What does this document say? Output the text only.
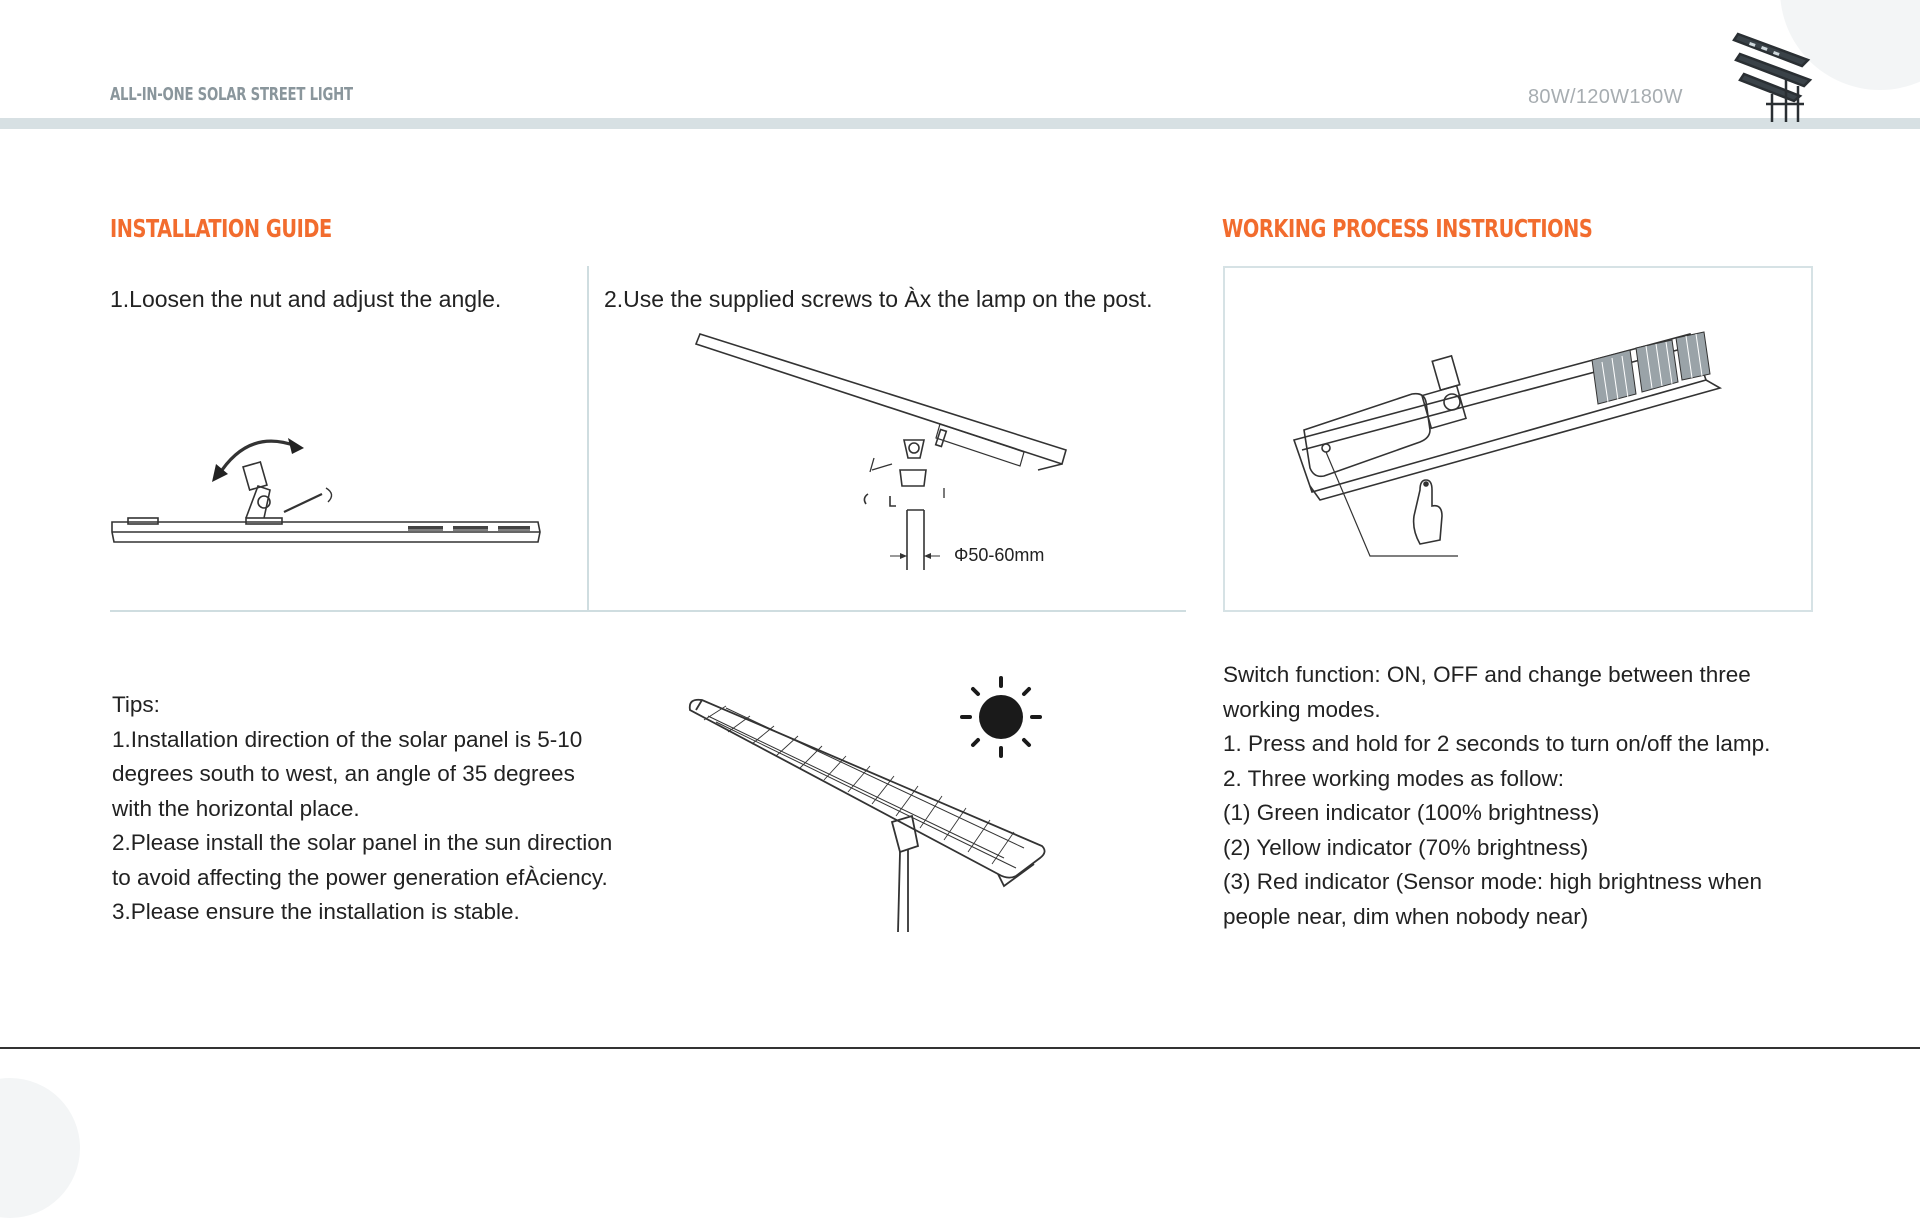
ALL-IN-ONE SOLAR STREET LIGHT	80W/120W180W
INSTALLATION GUIDE	WORKING PROCESS INSTRUCTIONS
1.Loosen the nut and adjust the angle.	2.Use the supplied screws to Àx the lamp on the post.
Φ50-60mm
Tips:
1.Installation direction of the solar panel is 5-10
degrees south to west, an angle of 35 degrees
with the horizontal place.
2.Please install the solar panel in the sun direction
to avoid affecting the power generation efÀciency.
3.Please ensure the installation is stable.
Switch function: ON, OFF and change between three
working modes.
1. Press and hold for 2 seconds to turn on/off the lamp.
2. Three working modes as follow:
(1) Green indicator (100% brightness)
(2) Yellow indicator (70% brightness)
(3) Red indicator (Sensor mode: high brightness when
people near, dim when nobody near)
